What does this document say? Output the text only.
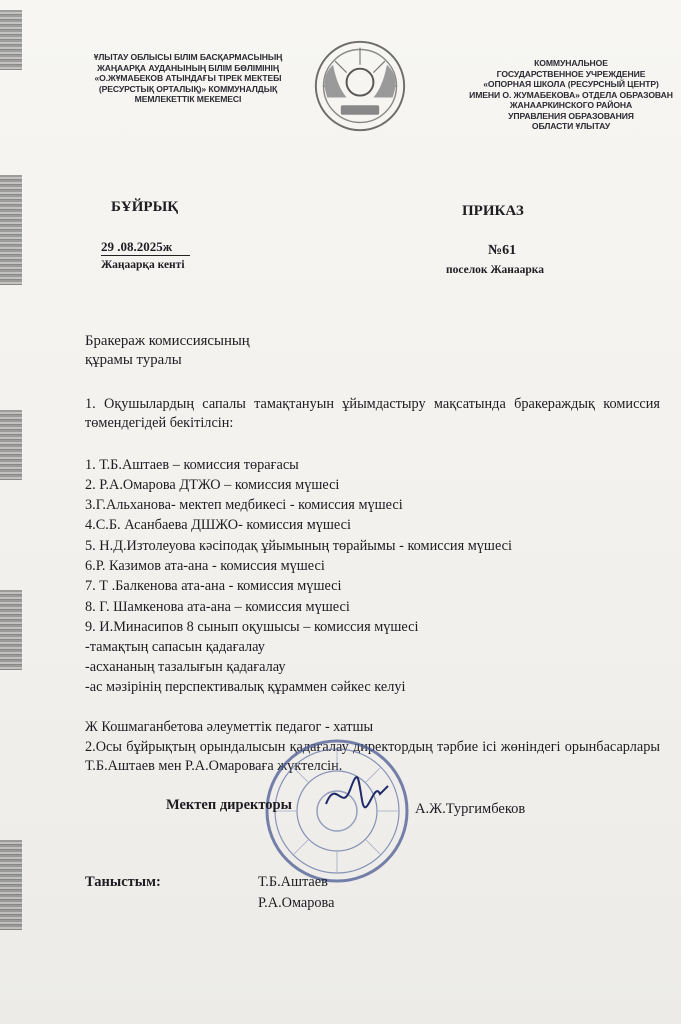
ҰЛЫТАУ ОБЛЫСЫ БІЛІМ БАСҚАРМАСЫНЫҢ
ЖАҢААРҚА АУДАНЫНЫҢ БІЛІМ БӨЛІМІНІҢ
«О.ЖҰМАБЕКОВ АТЫНДАҒЫ ТІРЕК МЕКТЕБІ
(РЕСУРСТЫҚ ОРТАЛЫҚ)» КОММУНАЛДЫҚ
МЕМЛЕКЕТТІК МЕКЕМЕСІ
КОММУНАЛЬНОЕ
ГОСУДАРСТВЕННОЕ УЧРЕЖДЕНИЕ
«ОПОРНАЯ ШКОЛА (РЕСУРСНЫЙ ЦЕНТР)
ИМЕНИ О. ЖУМАБЕКОВА» ОТДЕЛА ОБРАЗОВАН
ЖАНААРКИНСКОГО РАЙОНА
УПРАВЛЕНИЯ ОБРАЗОВАНИЯ
ОБЛАСТИ ҰЛЫТАУ
БҰЙРЫҚ	ПРИКАЗ
29 .08.2025ж
Жаңаарқа кенті
№61
поселок Жанаарка
Бракераж комиссиясының
құрамы туралы
1. Оқушылардың сапалы тамақтануын ұйымдастыру мақсатында бракераждық комиссия төмендегідей бекітілсін:
1. Т.Б.Аштаев – комиссия төрағасы
2. Р.А.Омарова ДТЖО – комиссия мүшесі
3.Г.Альханова- мектеп медбикесі - комиссия мүшесі
4.С.Б. Асанбаева ДШЖО- комиссия мүшесі
5. Н.Д.Изтолеуова кәсіподақ ұйымының төрайымы - комиссия мүшесі
6.Р. Казимов ата-ана - комиссия мүшесі
7. Т .Балкенова ата-ана - комиссия мүшесі
8. Г. Шамкенова ата-ана – комиссия мүшесі
9. И.Минасипов 8 сынып оқушысы – комиссия мүшесі
-тамақтың сапасын қадағалау
-асхананың тазалығын қадағалау
-ас мәзірінің перспективалық құраммен сәйкес келуі
Ж Кошмаганбетова әлеуметтік педагог - хатшы
2.Осы бұйрықтың орындалысын қадағалау директордың тәрбие ісі жөніндегі орынбасарлары Т.Б.Аштаев мен Р.А.Омароваға жүктелсін.
Мектеп директоры	А.Ж.Тургимбеков
Таныстым:	Т.Б.Аштаев
Р.А.Омарова
